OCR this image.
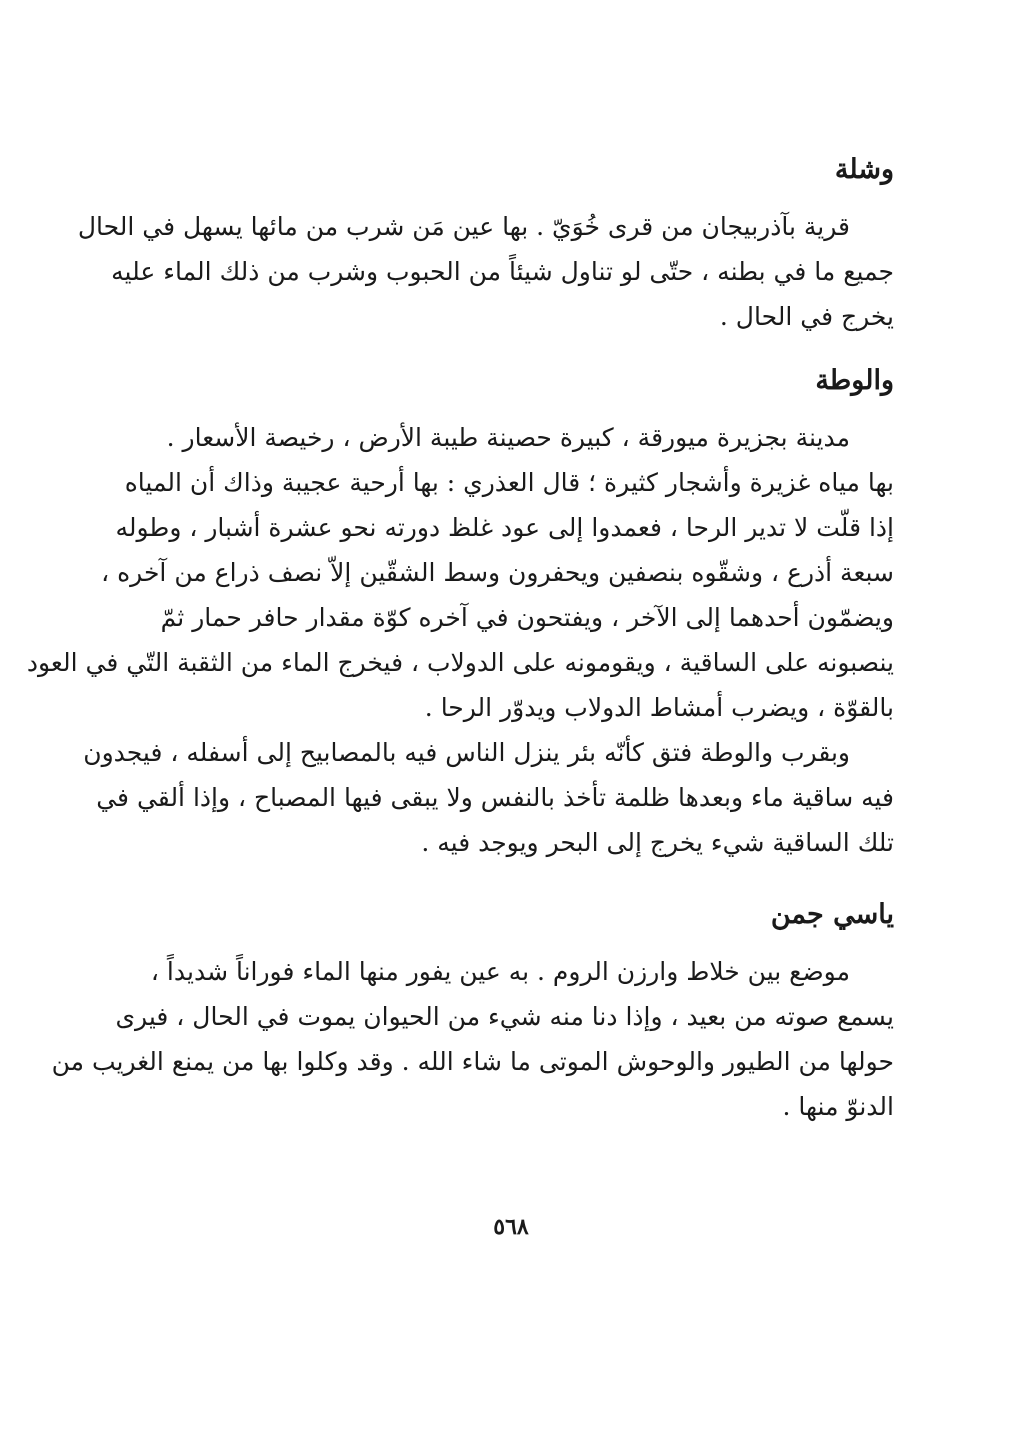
وشلة
قرية بآذربيجان من قرى خُوَيّ . بها عين مَن شرب من مائها يسهل في الحال
جميع ما في بطنه ، حتّى لو تناول شيئاً من الحبوب وشرب من ذلك الماء عليه
يخرج في الحال .
والوطة
مدينة بجزيرة ميورقة ، كبيرة حصينة طيبة الأرض ، رخيصة الأسعار .
بها مياه غزيرة وأشجار كثيرة ؛ قال العذري : بها أرحية عجيبة وذاك أن المياه
إذا قلّت لا تدير الرحا ، فعمدوا إلى عود غلظ دورته نحو عشرة أشبار ، وطوله
سبعة أذرع ، وشقّوه بنصفين ويحفرون وسط الشقّين إلاّ نصف ذراع من آخره ،
ويضمّون أحدهما إلى الآخر ، ويفتحون في آخره كوّة مقدار حافر حمار ثمّ
ينصبونه على الساقية ، ويقومونه على الدولاب ، فيخرج الماء من الثقبة التّي في العود
بالقوّة ، ويضرب أمشاط الدولاب ويدوّر الرحا .
وبقرب والوطة فتق كأنّه بئر ينزل الناس فيه بالمصابيح إلى أسفله ، فيجدون
فيه ساقية ماء وبعدها ظلمة تأخذ بالنفس ولا يبقى فيها المصباح ، وإذا ألقي في
تلك الساقية شيء يخرج إلى البحر ويوجد فيه .
ياسي جمن
موضع بين خلاط وارزن الروم . به عين يفور منها الماء فوراناً شديداً ،
يسمع صوته من بعيد ، وإذا دنا منه شيء من الحيوان يموت في الحال ، فيرى
حولها من الطيور والوحوش الموتى ما شاء الله . وقد وكلوا بها من يمنع الغريب من
الدنوّ منها .
٥٦٨
